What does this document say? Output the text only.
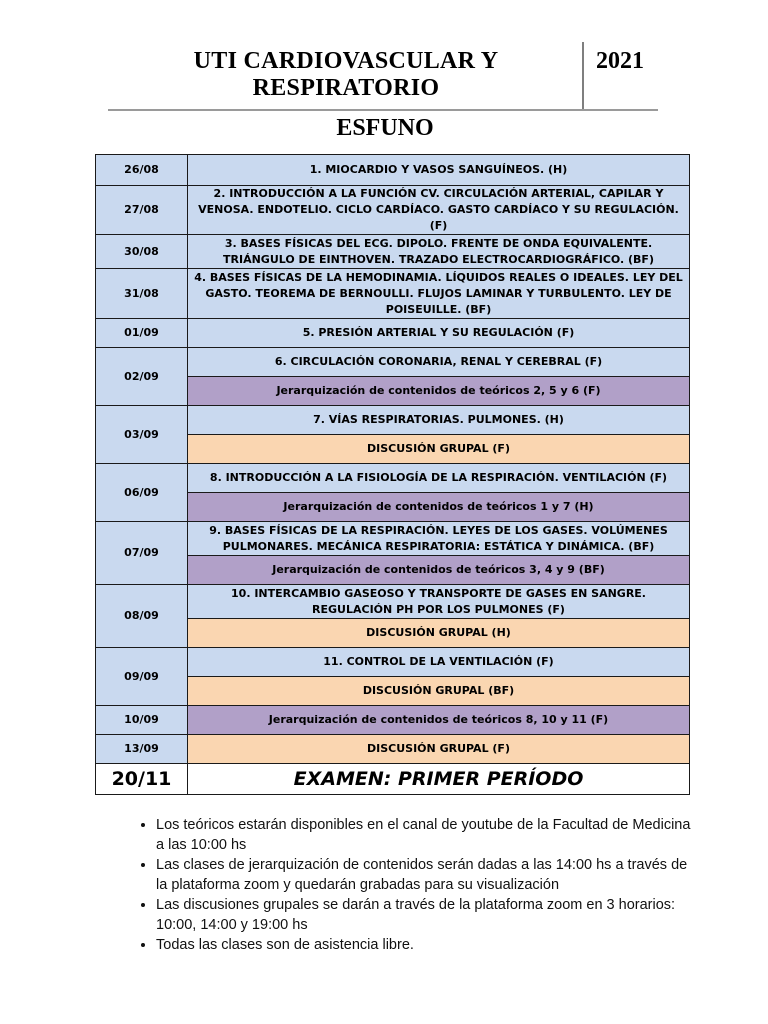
UTI CARDIOVASCULAR Y
RESPIRATORIO
2021
ESFUNO
26/08	1. MIOCARDIO Y VASOS SANGUÍNEOS. (H)
27/08	2. INTRODUCCIÓN A LA FUNCIÓN CV. CIRCULACIÓN ARTERIAL, CAPILAR Y VENOSA. ENDOTELIO. CICLO CARDÍACO. GASTO CARDÍACO Y SU REGULACIÓN. (F)
30/08	3. BASES FÍSICAS DEL ECG. DIPOLO. FRENTE DE ONDA EQUIVALENTE. TRIÁNGULO DE EINTHOVEN. TRAZADO ELECTROCARDIOGRÁFICO. (BF)
31/08	4. BASES FÍSICAS DE LA HEMODINAMIA. LÍQUIDOS REALES O IDEALES. LEY DEL GASTO. TEOREMA DE BERNOULLI. FLUJOS LAMINAR Y TURBULENTO. LEY DE POISEUILLE. (BF)
01/09	5. PRESIÓN ARTERIAL Y SU REGULACIÓN (F)
02/09	6. CIRCULACIÓN CORONARIA, RENAL Y CEREBRAL (F)
	Jerarquización de contenidos de teóricos 2, 5 y 6 (F)
03/09	7. VÍAS RESPIRATORIAS. PULMONES. (H)
	DISCUSIÓN GRUPAL (F)
06/09	8. INTRODUCCIÓN A LA FISIOLOGÍA DE LA RESPIRACIÓN. VENTILACIÓN (F)
	Jerarquización de contenidos de teóricos 1 y 7 (H)
07/09	9. BASES FÍSICAS DE LA RESPIRACIÓN. LEYES DE LOS GASES. VOLÚMENES PULMONARES. MECÁNICA RESPIRATORIA: ESTÁTICA Y DINÁMICA. (BF)
	Jerarquización de contenidos de teóricos 3, 4 y 9 (BF)
08/09	10. INTERCAMBIO GASEOSO Y TRANSPORTE DE GASES EN SANGRE. REGULACIÓN PH POR LOS PULMONES (F)
	DISCUSIÓN GRUPAL (H)
09/09	11. CONTROL DE LA VENTILACIÓN (F)
	DISCUSIÓN GRUPAL (BF)
10/09	Jerarquización de contenidos de teóricos 8, 10 y 11 (F)
13/09	DISCUSIÓN GRUPAL (F)
20/11	EXAMEN: PRIMER PERÍODO
• Los teóricos estarán disponibles en el canal de youtube de la Facultad de Medicina a las 10:00 hs
• Las clases de jerarquización de contenidos serán dadas a las 14:00 hs a través de la plataforma zoom y quedarán grabadas para su visualización
• Las discusiones grupales se darán a través de la plataforma zoom en 3 horarios: 10:00, 14:00 y 19:00 hs
• Todas las clases son de asistencia libre.
